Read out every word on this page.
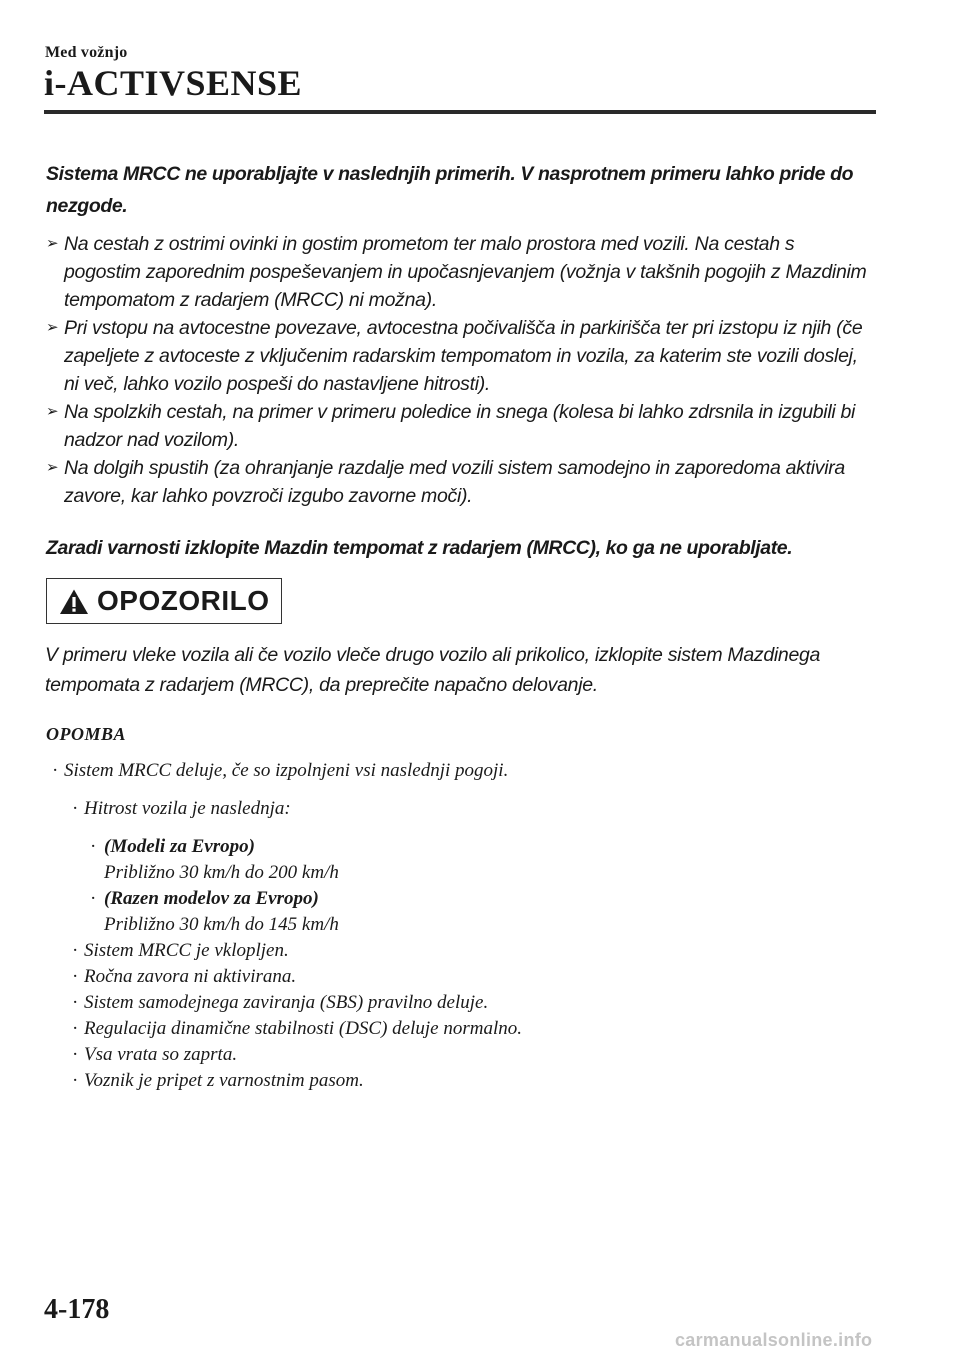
Med vožnjo
i-ACTIVSENSE

Sistema MRCC ne uporabljajte v naslednjih primerih. V nasprotnem primeru lahko pride do nezgode.

➢ Na cestah z ostrimi ovinki in gostim prometom ter malo prostora med vozili. Na cestah s pogostim zaporednim pospeševanjem in upočasnjevanjem (vožnja v takšnih pogojih z Mazdinim tempomatom z radarjem (MRCC) ni možna).
➢ Pri vstopu na avtocestne povezave, avtocestna počivališča in parkirišča ter pri izstopu iz njih (če zapeljete z avtoceste z vključenim radarskim tempomatom in vozila, za katerim ste vozili doslej, ni več, lahko vozilo pospeši do nastavljene hitrosti).
➢ Na spolzkih cestah, na primer v primeru poledice in snega (kolesa bi lahko zdrsnila in izgubili bi nadzor nad vozilom).
➢ Na dolgih spustih (za ohranjanje razdalje med vozili sistem samodejno in zaporedoma aktivira zavore, kar lahko povzroči izgubo zavorne moči).

Zaradi varnosti izklopite Mazdin tempomat z radarjem (MRCC), ko ga ne uporabljate.

OPOZORILO

V primeru vleke vozila ali če vozilo vleče drugo vozilo ali prikolico, izklopite sistem Mazdinega tempomata z radarjem (MRCC), da preprečite napačno delovanje.

OPOMBA
· Sistem MRCC deluje, če so izpolnjeni vsi naslednji pogoji.
· Hitrost vozila je naslednja:
· (Modeli za Evropo)
Približno 30 km/h do 200 km/h
· (Razen modelov za Evropo)
Približno 30 km/h do 145 km/h
· Sistem MRCC je vklopljen.
· Ročna zavora ni aktivirana.
· Sistem samodejnega zaviranja (SBS) pravilno deluje.
· Regulacija dinamične stabilnosti (DSC) deluje normalno.
· Vsa vrata so zaprta.
· Voznik je pripet z varnostnim pasom.
4-178
carmanualsonline.info
